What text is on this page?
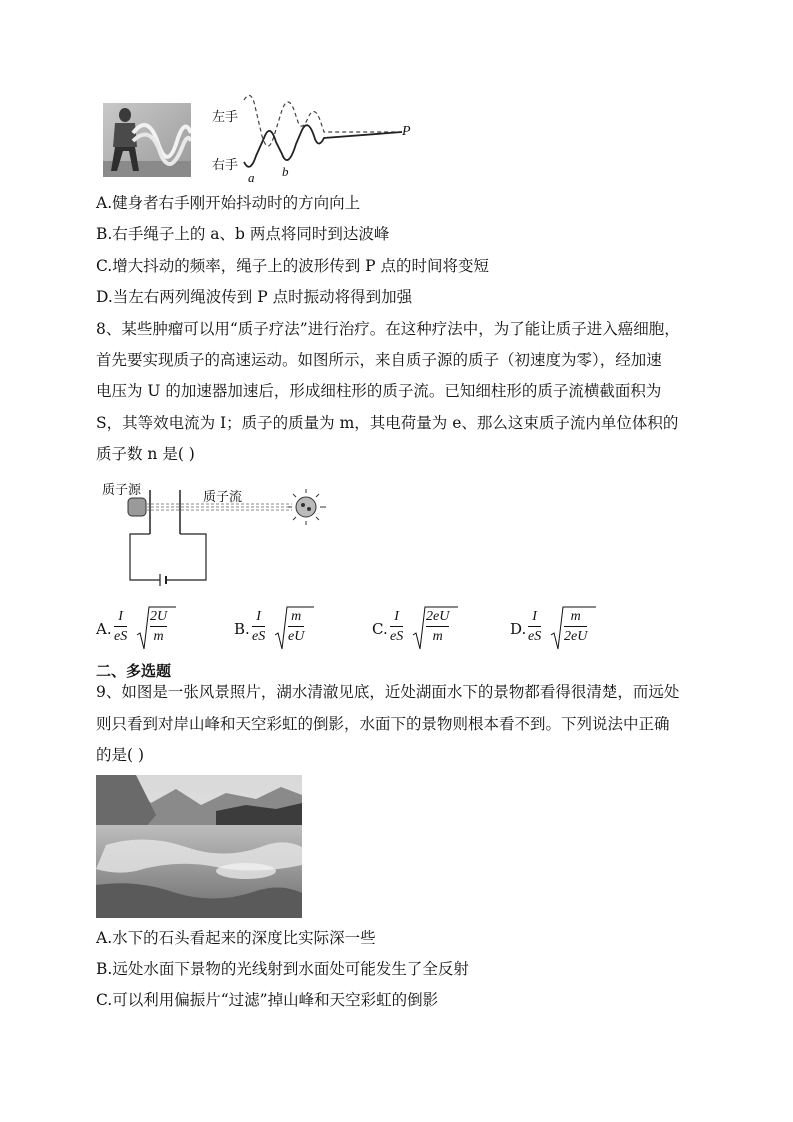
左手
右手
P
a b
A.健身者右手刚开始抖动时的方向向上
B.右手绳子上的 a、b 两点将同时到达波峰
C.增大抖动的频率，绳子上的波形传到 P 点的时间将变短
D.当左右两列绳波传到 P 点时振动将得到加强
8、某些肿瘤可以用“质子疗法”进行治疗。在这种疗法中，为了能让质子进入癌细胞，
首先要实现质子的高速运动。如图所示，来自质子源的质子（初速度为零），经加速
电压为 U 的加速器加速后，形成细柱形的质子流。已知细柱形的质子流横截面积为
S，其等效电流为 I；质子的质量为 m，其电荷量为 e、那么这束质子流内单位体积的
质子数 n 是( )
质子源	质子流
A.
I
eS
2U
m	B.
I
eS
m
eU	C.
I
eS
2eU
m	D.
I
eS
m
2eU
二、多选题
9、如图是一张风景照片，湖水清澈见底，近处湖面水下的景物都看得很清楚，而远处
则只看到对岸山峰和天空彩虹的倒影，水面下的景物则根本看不到。下列说法中正确
的是( )
A.水下的石头看起来的深度比实际深一些
B.远处水面下景物的光线射到水面处可能发生了全反射
C.可以利用偏振片“过滤”掉山峰和天空彩虹的倒影
